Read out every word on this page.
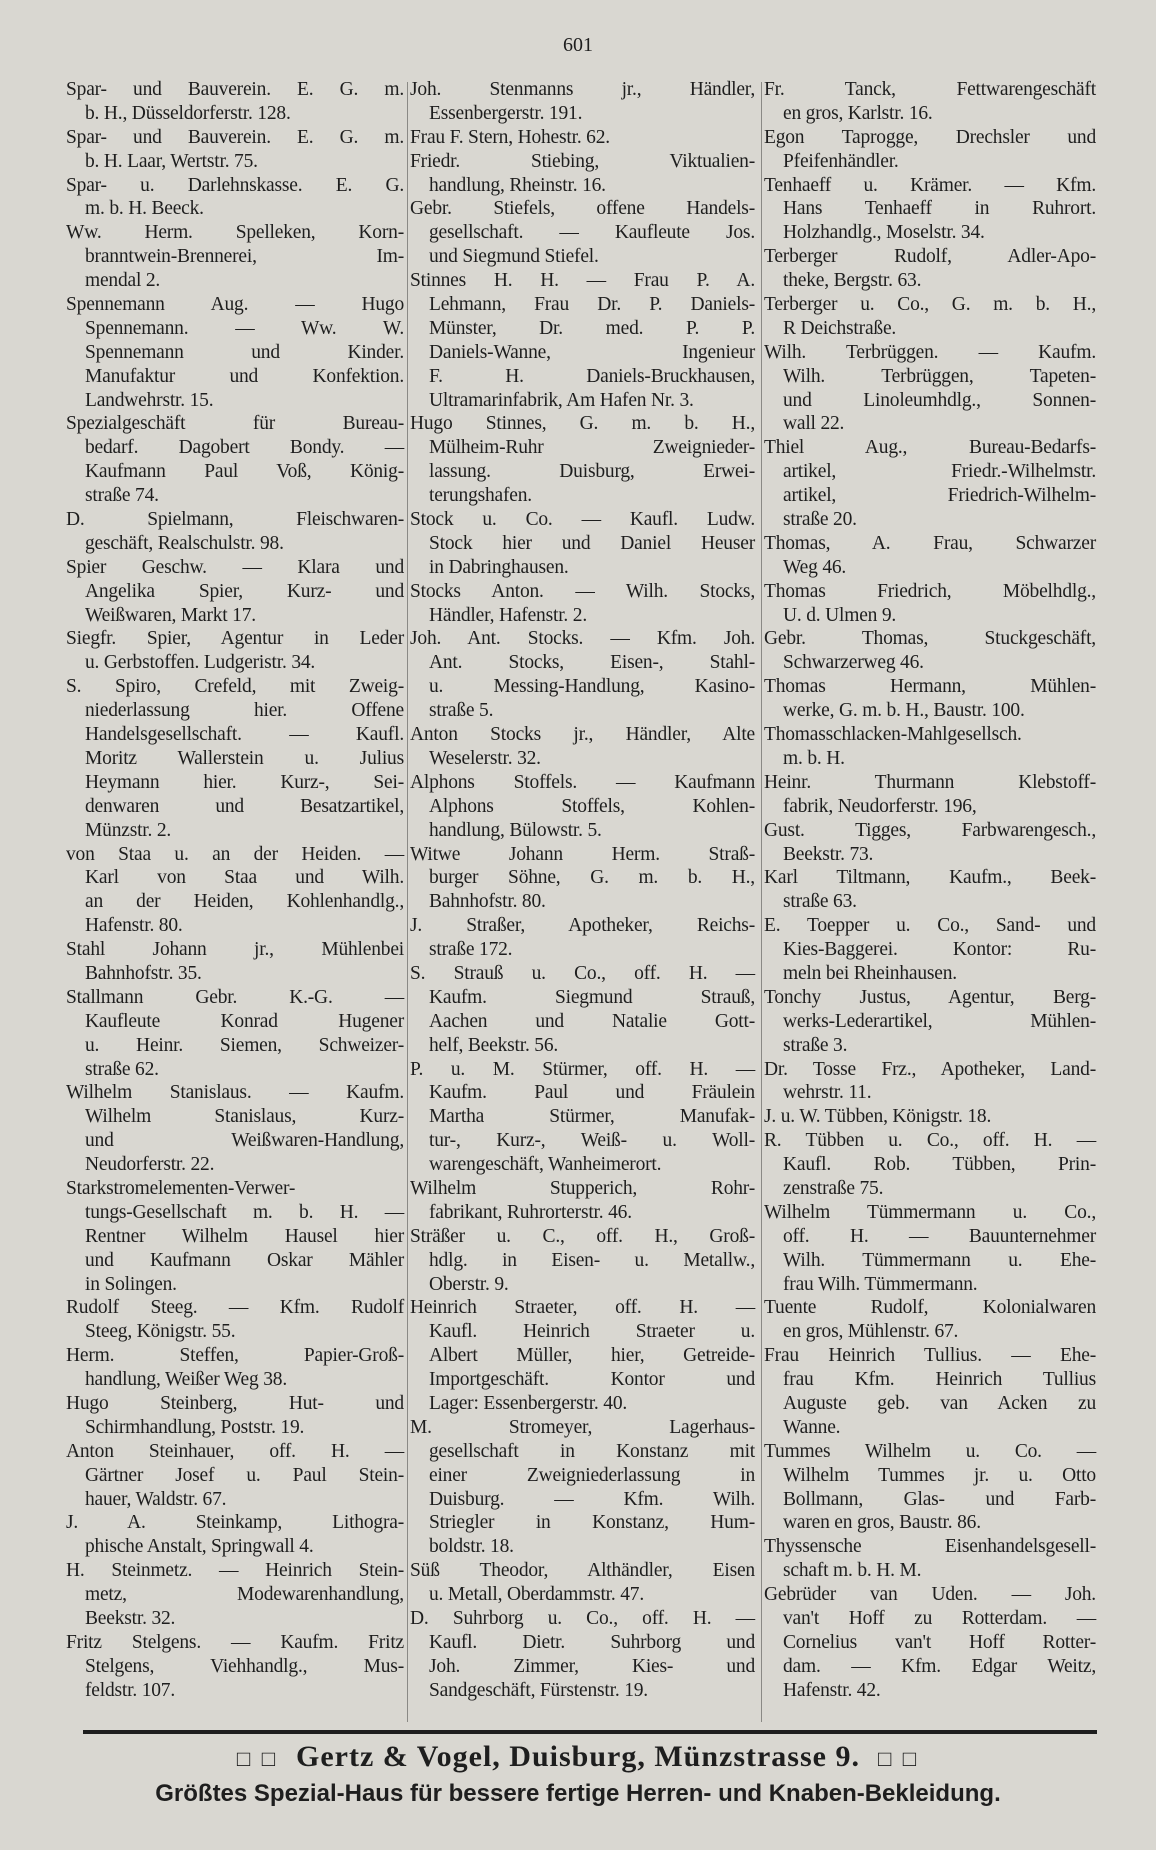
601
Spar- und Bauverein. E. G. m.
b. H., Düsseldorferstr. 128.
Spar- und Bauverein. E. G. m.
b. H. Laar, Wertstr. 75.
Spar- u. Darlehnskasse. E. G.
m. b. H. Beeck.
Ww. Herm. Spelleken, Korn-
branntwein-Brennerei, Im-
mendal 2.
Spennemann Aug. — Hugo
Spennemann. — Ww. W.
Spennemann und Kinder.
Manufaktur und Konfektion.
Landwehrstr. 15.
Spezialgeschäft für Bureau-
bedarf. Dagobert Bondy. —
Kaufmann Paul Voß, König-
straße 74.
D. Spielmann, Fleischwaren-
geschäft, Realschulstr. 98.
Spier Geschw. — Klara und
Angelika Spier, Kurz- und
Weißwaren, Markt 17.
Siegfr. Spier, Agentur in Leder
u. Gerbstoffen. Ludgeristr. 34.
S. Spiro, Crefeld, mit Zweig-
niederlassung hier. Offene
Handelsgesellschaft. — Kaufl.
Moritz Wallerstein u. Julius
Heymann hier. Kurz-, Sei-
denwaren und Besatzartikel,
Münzstr. 2.
von Staa u. an der Heiden. —
Karl von Staa und Wilh.
an der Heiden, Kohlenhandlg.,
Hafenstr. 80.
Stahl Johann jr., Mühlenbei
Bahnhofstr. 35.
Stallmann Gebr. K.-G. —
Kaufleute Konrad Hugener
u. Heinr. Siemen, Schweizer-
straße 62.
Wilhelm Stanislaus. — Kaufm.
Wilhelm Stanislaus, Kurz-
und Weißwaren-Handlung,
Neudorferstr. 22.
Starkstromelementen-Verwer-
tungs-Gesellschaft m. b. H. —
Rentner Wilhelm Hausel hier
und Kaufmann Oskar Mähler
in Solingen.
Rudolf Steeg. — Kfm. Rudolf
Steeg, Königstr. 55.
Herm. Steffen, Papier-Groß-
handlung, Weißer Weg 38.
Hugo Steinberg, Hut- und
Schirmhandlung, Poststr. 19.
Anton Steinhauer, off. H. —
Gärtner Josef u. Paul Stein-
hauer, Waldstr. 67.
J. A. Steinkamp, Lithogra-
phische Anstalt, Springwall 4.
H. Steinmetz. — Heinrich Stein-
metz, Modewarenhandlung,
Beekstr. 32.
Fritz Stelgens. — Kaufm. Fritz
Stelgens, Viehhandlg., Mus-
feldstr. 107.
Joh. Stenmanns jr., Händler,
Essenbergerstr. 191.
Frau F. Stern, Hohestr. 62.
Friedr. Stiebing, Viktualien-
handlung, Rheinstr. 16.
Gebr. Stiefels, offene Handels-
gesellschaft. — Kaufleute Jos.
und Siegmund Stiefel.
Stinnes H. H. — Frau P. A.
Lehmann, Frau Dr. P. Daniels-
Münster, Dr. med. P. P.
Daniels-Wanne, Ingenieur
F. H. Daniels-Bruckhausen,
Ultramarinfabrik, Am Hafen Nr. 3.
Hugo Stinnes, G. m. b. H.,
Mülheim-Ruhr Zweignieder-
lassung. Duisburg, Erwei-
terungshafen.
Stock u. Co. — Kaufl. Ludw.
Stock hier und Daniel Heuser
in Dabringhausen.
Stocks Anton. — Wilh. Stocks,
Händler, Hafenstr. 2.
Joh. Ant. Stocks. — Kfm. Joh.
Ant. Stocks, Eisen-, Stahl-
u. Messing-Handlung, Kasino-
straße 5.
Anton Stocks jr., Händler, Alte
Weselerstr. 32.
Alphons Stoffels. — Kaufmann
Alphons Stoffels, Kohlen-
handlung, Bülowstr. 5.
Witwe Johann Herm. Straß-
burger Söhne, G. m. b. H.,
Bahnhofstr. 80.
J. Straßer, Apotheker, Reichs-
straße 172.
S. Strauß u. Co., off. H. —
Kaufm. Siegmund Strauß,
Aachen und Natalie Gott-
helf, Beekstr. 56.
P. u. M. Stürmer, off. H. —
Kaufm. Paul und Fräulein
Martha Stürmer, Manufak-
tur-, Kurz-, Weiß- u. Woll-
warengeschäft, Wanheimerort.
Wilhelm Stupperich, Rohr-
fabrikant, Ruhrorterstr. 46.
Sträßer u. C., off. H., Groß-
hdlg. in Eisen- u. Metallw.,
Oberstr. 9.
Heinrich Straeter, off. H. —
Kaufl. Heinrich Straeter u.
Albert Müller, hier, Getreide-
Importgeschäft. Kontor und
Lager: Essenbergerstr. 40.
M. Stromeyer, Lagerhaus-
gesellschaft in Konstanz mit
einer Zweigniederlassung in
Duisburg. — Kfm. Wilh.
Striegler in Konstanz, Hum-
boldstr. 18.
Süß Theodor, Althändler, Eisen
u. Metall, Oberdammstr. 47.
D. Suhrborg u. Co., off. H. —
Kaufl. Dietr. Suhrborg und
Joh. Zimmer, Kies- und
Sandgeschäft, Fürstenstr. 19.
Fr. Tanck, Fettwarengeschäft
en gros, Karlstr. 16.
Egon Taprogge, Drechsler und
Pfeifenhändler.
Tenhaeff u. Krämer. — Kfm.
Hans Tenhaeff in Ruhrort.
Holzhandlg., Moselstr. 34.
Terberger Rudolf, Adler-Apo-
theke, Bergstr. 63.
Terberger u. Co., G. m. b. H.,
R Deichstraße.
Wilh. Terbrüggen. — Kaufm.
Wilh. Terbrüggen, Tapeten-
und Linoleumhdlg., Sonnen-
wall 22.
Thiel Aug., Bureau-Bedarfs-
artikel, Friedr.-Wilhelmstr.
artikel, Friedrich-Wilhelm-
straße 20.
Thomas, A. Frau, Schwarzer
Weg 46.
Thomas Friedrich, Möbelhdlg.,
U. d. Ulmen 9.
Gebr. Thomas, Stuckgeschäft,
Schwarzerweg 46.
Thomas Hermann, Mühlen-
werke, G. m. b. H., Baustr. 100.
Thomasschlacken-Mahlgesellsch.
m. b. H.
Heinr. Thurmann Klebstoff-
fabrik, Neudorferstr. 196,
Gust. Tigges, Farbwarengesch.,
Beekstr. 73.
Karl Tiltmann, Kaufm., Beek-
straße 63.
E. Toepper u. Co., Sand- und
Kies-Baggerei. Kontor: Ru-
meln bei Rheinhausen.
Tonchy Justus, Agentur, Berg-
werks-Lederartikel, Mühlen-
straße 3.
Dr. Tosse Frz., Apotheker, Land-
wehrstr. 11.
J. u. W. Tübben, Königstr. 18.
R. Tübben u. Co., off. H. —
Kaufl. Rob. Tübben, Prin-
zenstraße 75.
Wilhelm Tümmermann u. Co.,
off. H. — Bauunternehmer
Wilh. Tümmermann u. Ehe-
frau Wilh. Tümmermann.
Tuente Rudolf, Kolonialwaren
en gros, Mühlenstr. 67.
Frau Heinrich Tullius. — Ehe-
frau Kfm. Heinrich Tullius
Auguste geb. van Acken zu
Wanne.
Tummes Wilhelm u. Co. —
Wilhelm Tummes jr. u. Otto
Bollmann, Glas- und Farb-
waren en gros, Baustr. 86.
Thyssensche Eisenhandelsgesell-
schaft m. b. H. M.
Gebrüder van Uden. — Joh.
van't Hoff zu Rotterdam. —
Cornelius van't Hoff Rotter-
dam. — Kfm. Edgar Weitz,
Hafenstr. 42.
□ □ Gertz & Vogel, Duisburg, Münzstrasse 9. □ □
Größtes Spezial-Haus für bessere fertige Herren- und Knaben-Bekleidung.
